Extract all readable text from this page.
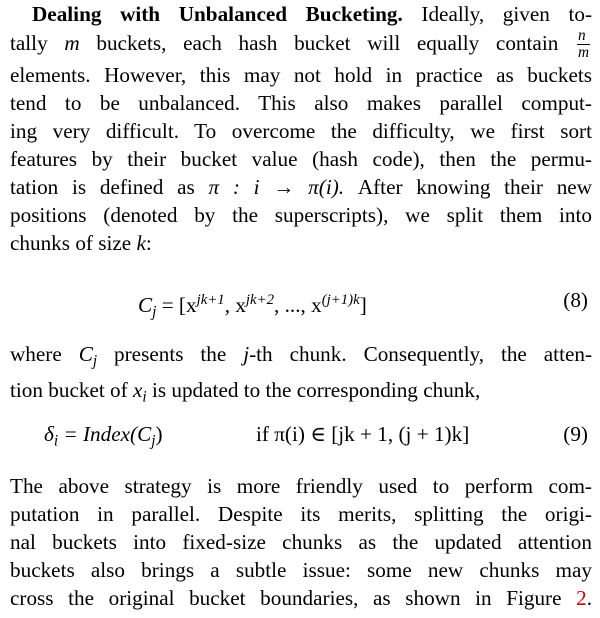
Dealing with Unbalanced Bucketing. Ideally, given to-
tally m buckets, each hash bucket will equally contain $\frac{n}{m}$
elements. However, this may not hold in practice as buckets
tend to be unbalanced. This also makes parallel comput-
ing very difficult. To overcome the difficulty, we first sort
features by their bucket value (hash code), then the permu-
tation is defined as π : i → π(i). After knowing their new
positions (denoted by the superscripts), we split them into
chunks of size k:
$C_j = [x^{jk+1}$, $x^{jk+2}$, ..., $x^{(j+1)k}$]	(8)
where $C_j$ presents the j-th chunk. Consequently, the atten-
tion bucket of $x_i$ is updated to the corresponding chunk,
$\delta_i$ = $Index(C_j)$	if π(i) ∈ [jk + 1, (j + 1)k]	(9)
The above strategy is more friendly used to perform com-
putation in parallel. Despite its merits, splitting the origi-
nal buckets into fixed-size chunks as the updated attention
buckets also brings a subtle issue: some new chunks may
cross the original bucket boundaries, as shown in Figure 2.
